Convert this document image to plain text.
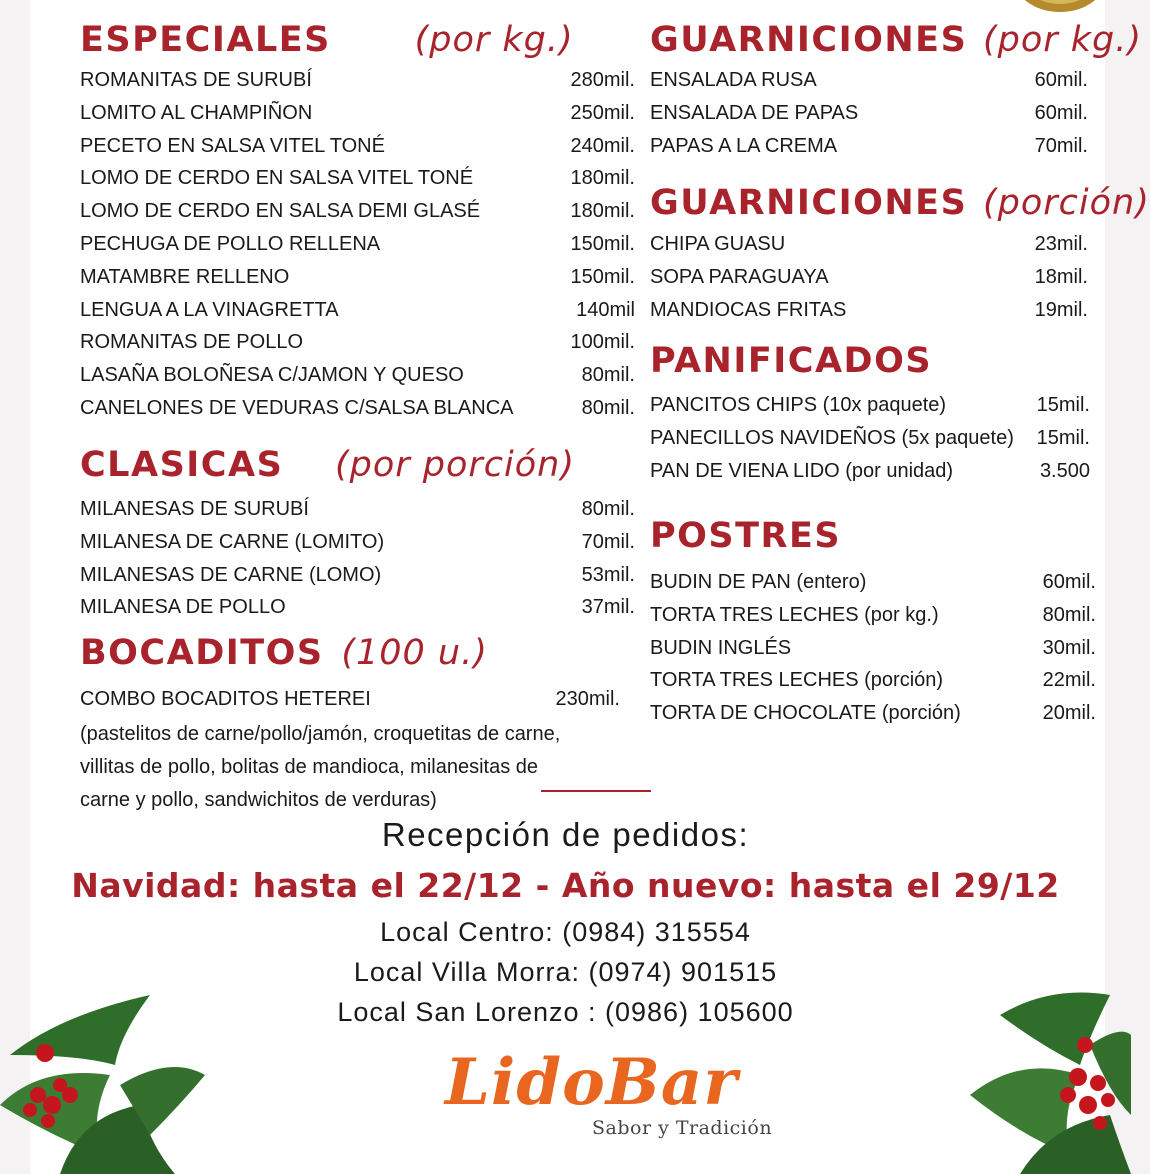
ESPECIALES (por kg.)
ROMANITAS DE SURUBÍ	280mil.
LOMITO AL CHAMPIÑON	250mil.
PECETO EN SALSA VITEL TONÉ	240mil.
LOMO DE CERDO EN SALSA VITEL TONÉ	180mil.
LOMO DE CERDO EN SALSA DEMI GLASÉ	180mil.
PECHUGA DE POLLO RELLENA	150mil.
MATAMBRE RELLENO	150mil.
LENGUA A LA VINAGRETTA	140mil
ROMANITAS DE POLLO	100mil.
LASAÑA BOLOÑESA C/JAMON Y QUESO	80mil.
CANELONES DE VEDURAS C/SALSA BLANCA	80mil.
CLASICAS (por porción)
MILANESAS DE SURUBÍ	80mil.
MILANESA DE CARNE (LOMITO)	70mil.
MILANESAS DE CARNE (LOMO)	53mil.
MILANESA DE POLLO	37mil.
BOCADITOS (100 u.)
COMBO BOCADITOS HETEREI	230mil.
(pastelitos de carne/pollo/jamón, croquetitas de carne,
villitas de pollo, bolitas de mandioca, milanesitas de
carne y pollo, sandwichitos de verduras)
GUARNICIONES (por kg.)
ENSALADA RUSA	60mil.
ENSALADA DE PAPAS	60mil.
PAPAS A LA CREMA	70mil.
GUARNICIONES (porción)
CHIPA GUASU	23mil.
SOPA PARAGUAYA	18mil.
MANDIOCAS FRITAS	19mil.
PANIFICADOS
PANCITOS CHIPS (10x paquete)	15mil.
PANECILLOS NAVIDEÑOS (5x paquete) 15mil.
PAN DE VIENA LIDO (por unidad)	3.500
POSTRES
BUDIN DE PAN (entero)	60mil.
TORTA TRES LECHES (por kg.)	80mil.
BUDIN INGLÉS	30mil.
TORTA TRES LECHES (porción)	22mil.
TORTA DE CHOCOLATE (porción)	20mil.
Recepción de pedidos:
Navidad: hasta el 22/12 - Año nuevo: hasta el 29/12
Local Centro: (0984) 315554
Local Villa Morra: (0974) 901515
Local San Lorenzo : (0986) 105600
LidoBar
Sabor y Tradición
